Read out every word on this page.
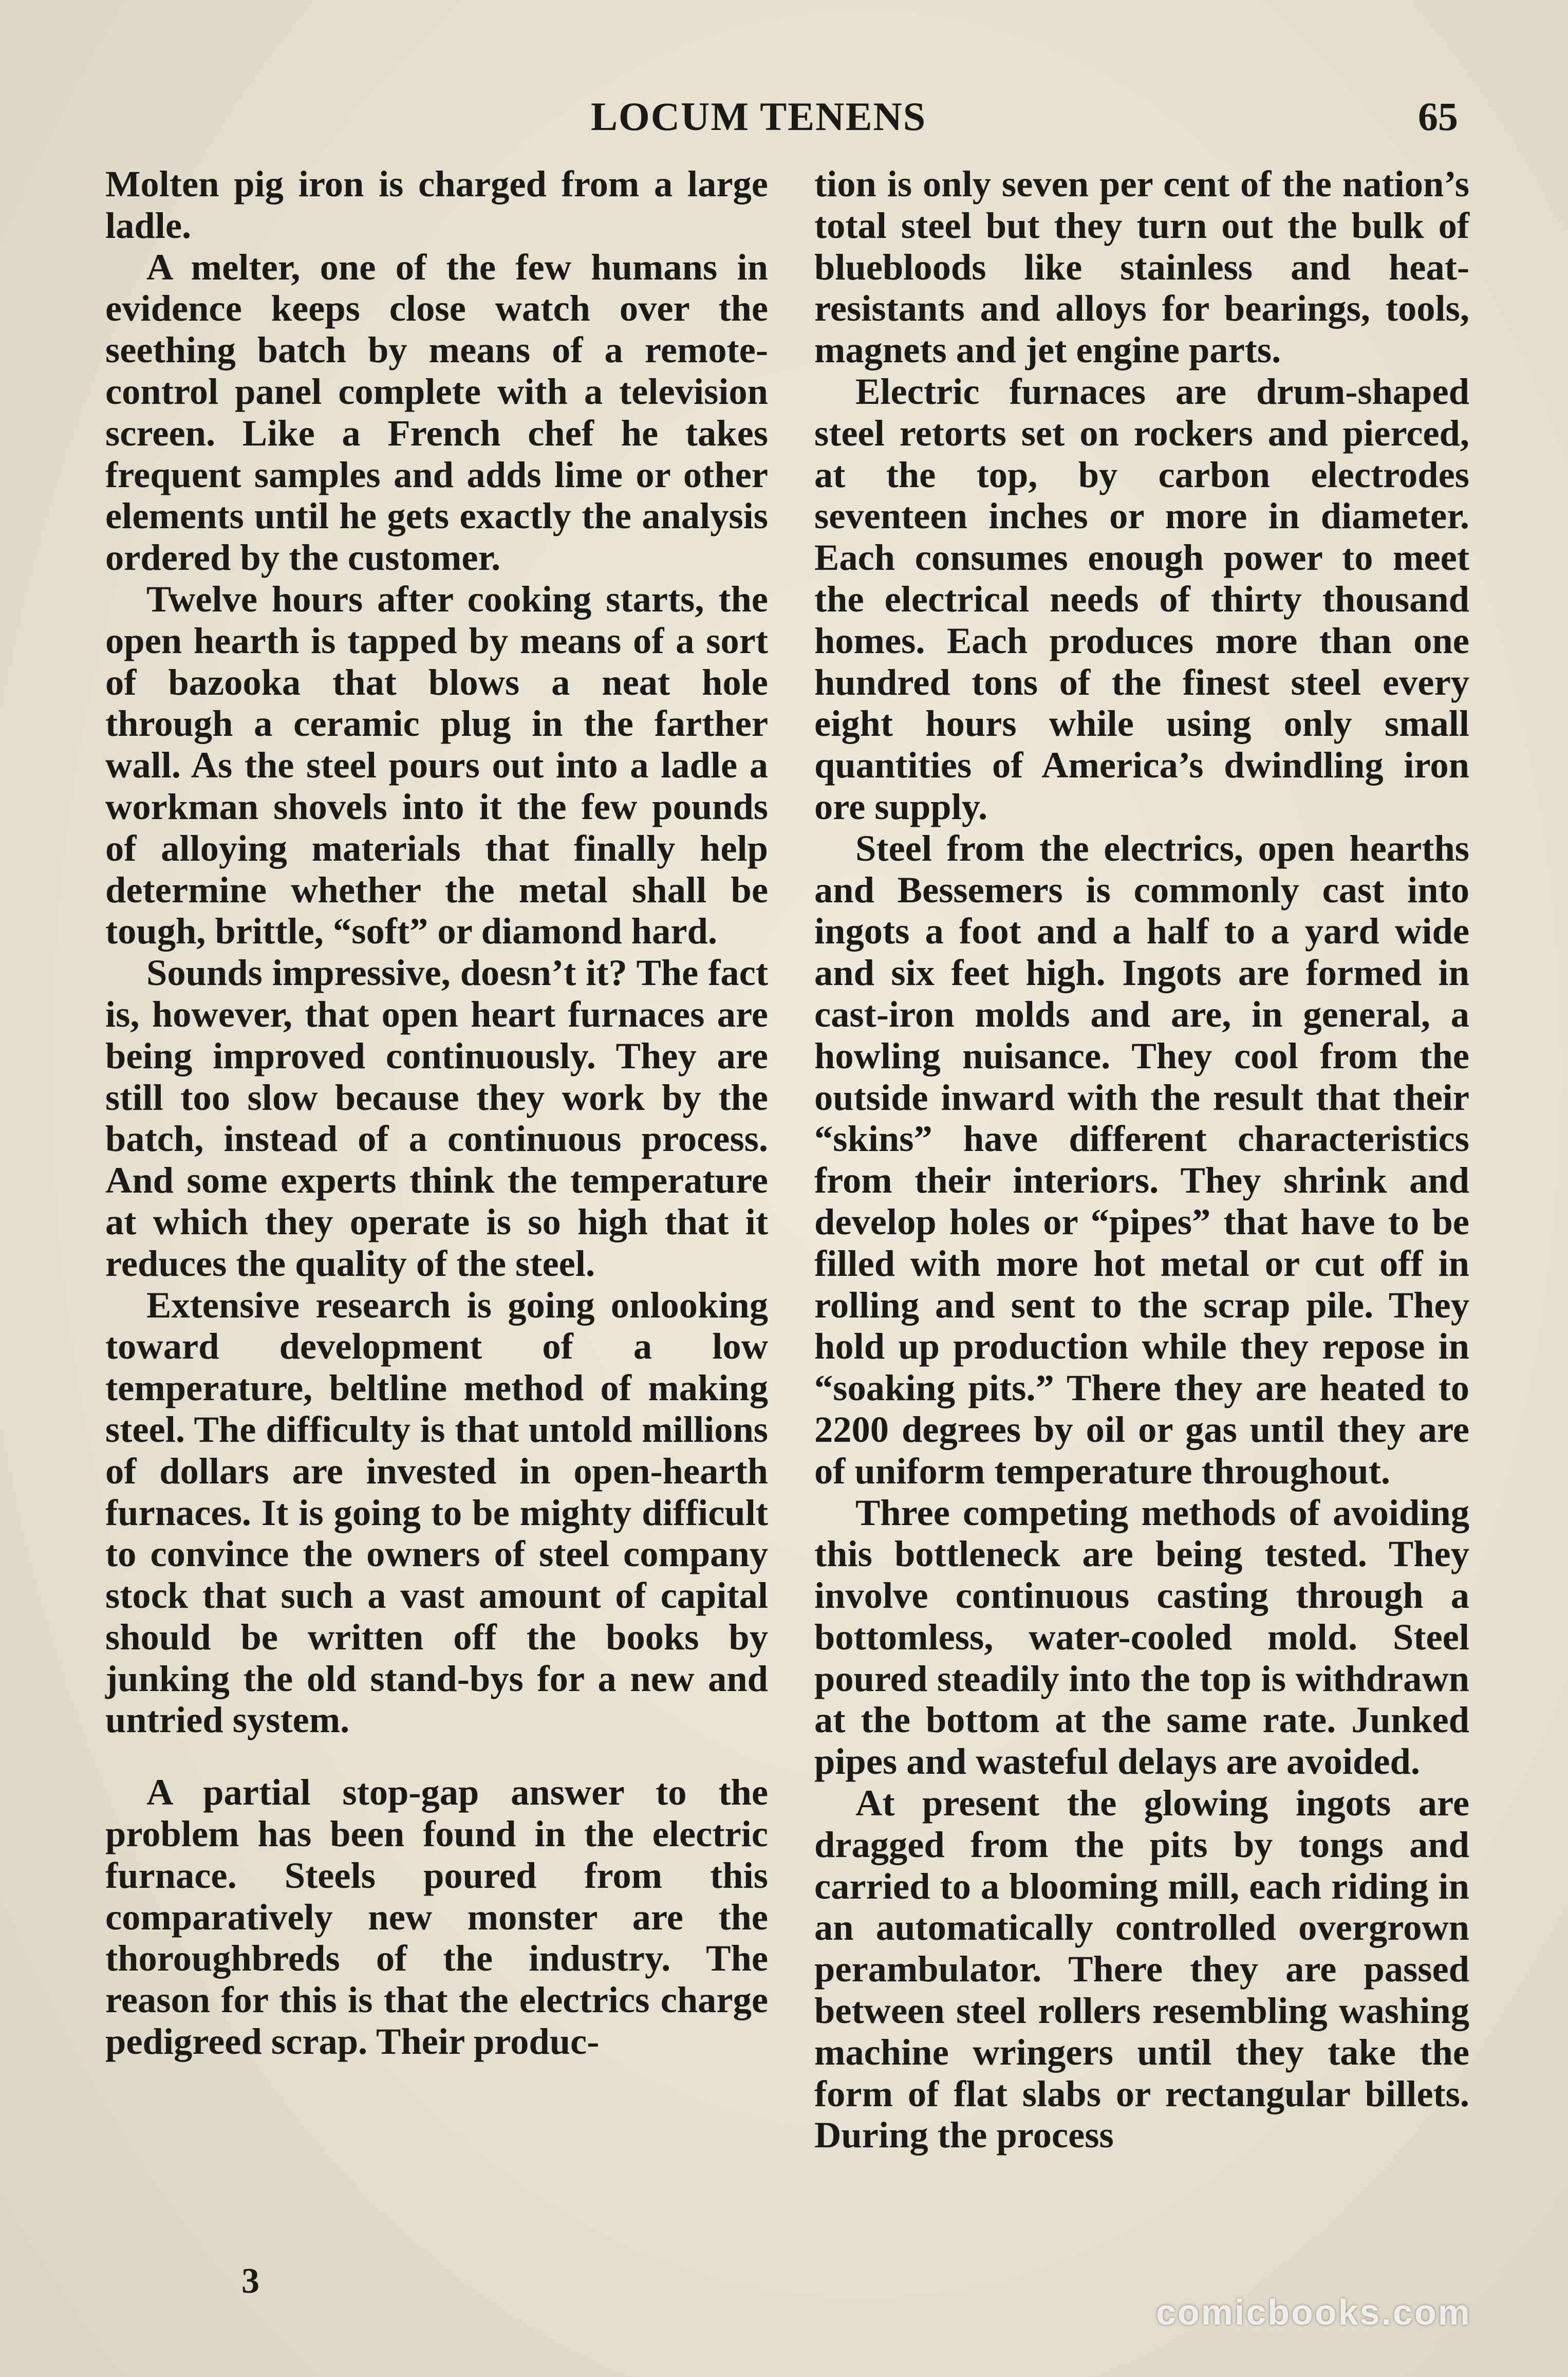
LOCUM TENENS	65

Molten pig iron is charged from a large ladle.

A melter, one of the few humans in evidence keeps close watch over the seething batch by means of a remote-control panel complete with a television screen. Like a French chef he takes frequent samples and adds lime or other elements until he gets exactly the analysis ordered by the customer.

Twelve hours after cooking starts, the open hearth is tapped by means of a sort of bazooka that blows a neat hole through a ceramic plug in the farther wall. As the steel pours out into a ladle a workman shovels into it the few pounds of alloying materials that finally help determine whether the metal shall be tough, brittle, “soft” or diamond hard.

Sounds impressive, doesn’t it? The fact is, however, that open heart furnaces are being improved continuously. They are still too slow because they work by the batch, instead of a continuous process. And some experts think the temperature at which they operate is so high that it reduces the quality of the steel.

Extensive research is going onlooking toward development of a low temperature, beltline method of making steel. The difficulty is that untold millions of dollars are invested in open-hearth furnaces. It is going to be mighty difficult to convince the owners of steel company stock that such a vast amount of capital should be written off the books by junking the old stand-bys for a new and untried system.

A partial stop-gap answer to the problem has been found in the electric furnace. Steels poured from this comparatively new monster are the thoroughbreds of the industry. The reason for this is that the electrics charge pedigreed scrap. Their produc-

tion is only seven per cent of the nation’s total steel but they turn out the bulk of bluebloods like stainless and heat-resistants and alloys for bearings, tools, magnets and jet engine parts.

Electric furnaces are drum-shaped steel retorts set on rockers and pierced, at the top, by carbon electrodes seventeen inches or more in diameter. Each consumes enough power to meet the electrical needs of thirty thousand homes. Each produces more than one hundred tons of the finest steel every eight hours while using only small quantities of America’s dwindling iron ore supply.

Steel from the electrics, open hearths and Bessemers is commonly cast into ingots a foot and a half to a yard wide and six feet high. Ingots are formed in cast-iron molds and are, in general, a howling nuisance. They cool from the outside inward with the result that their “skins” have different characteristics from their interiors. They shrink and develop holes or “pipes” that have to be filled with more hot metal or cut off in rolling and sent to the scrap pile. They hold up production while they repose in “soaking pits.” There they are heated to 2200 degrees by oil or gas until they are of uniform temperature throughout.

Three competing methods of avoiding this bottleneck are being tested. They involve continuous casting through a bottomless, water-cooled mold. Steel poured steadily into the top is withdrawn at the bottom at the same rate. Junked pipes and wasteful delays are avoided.

At present the glowing ingots are dragged from the pits by tongs and carried to a blooming mill, each riding in an automatically controlled overgrown perambulator. There they are passed between steel rollers resembling washing machine wringers until they take the form of flat slabs or rectangular billets. During the process

3
comicbooks.com
